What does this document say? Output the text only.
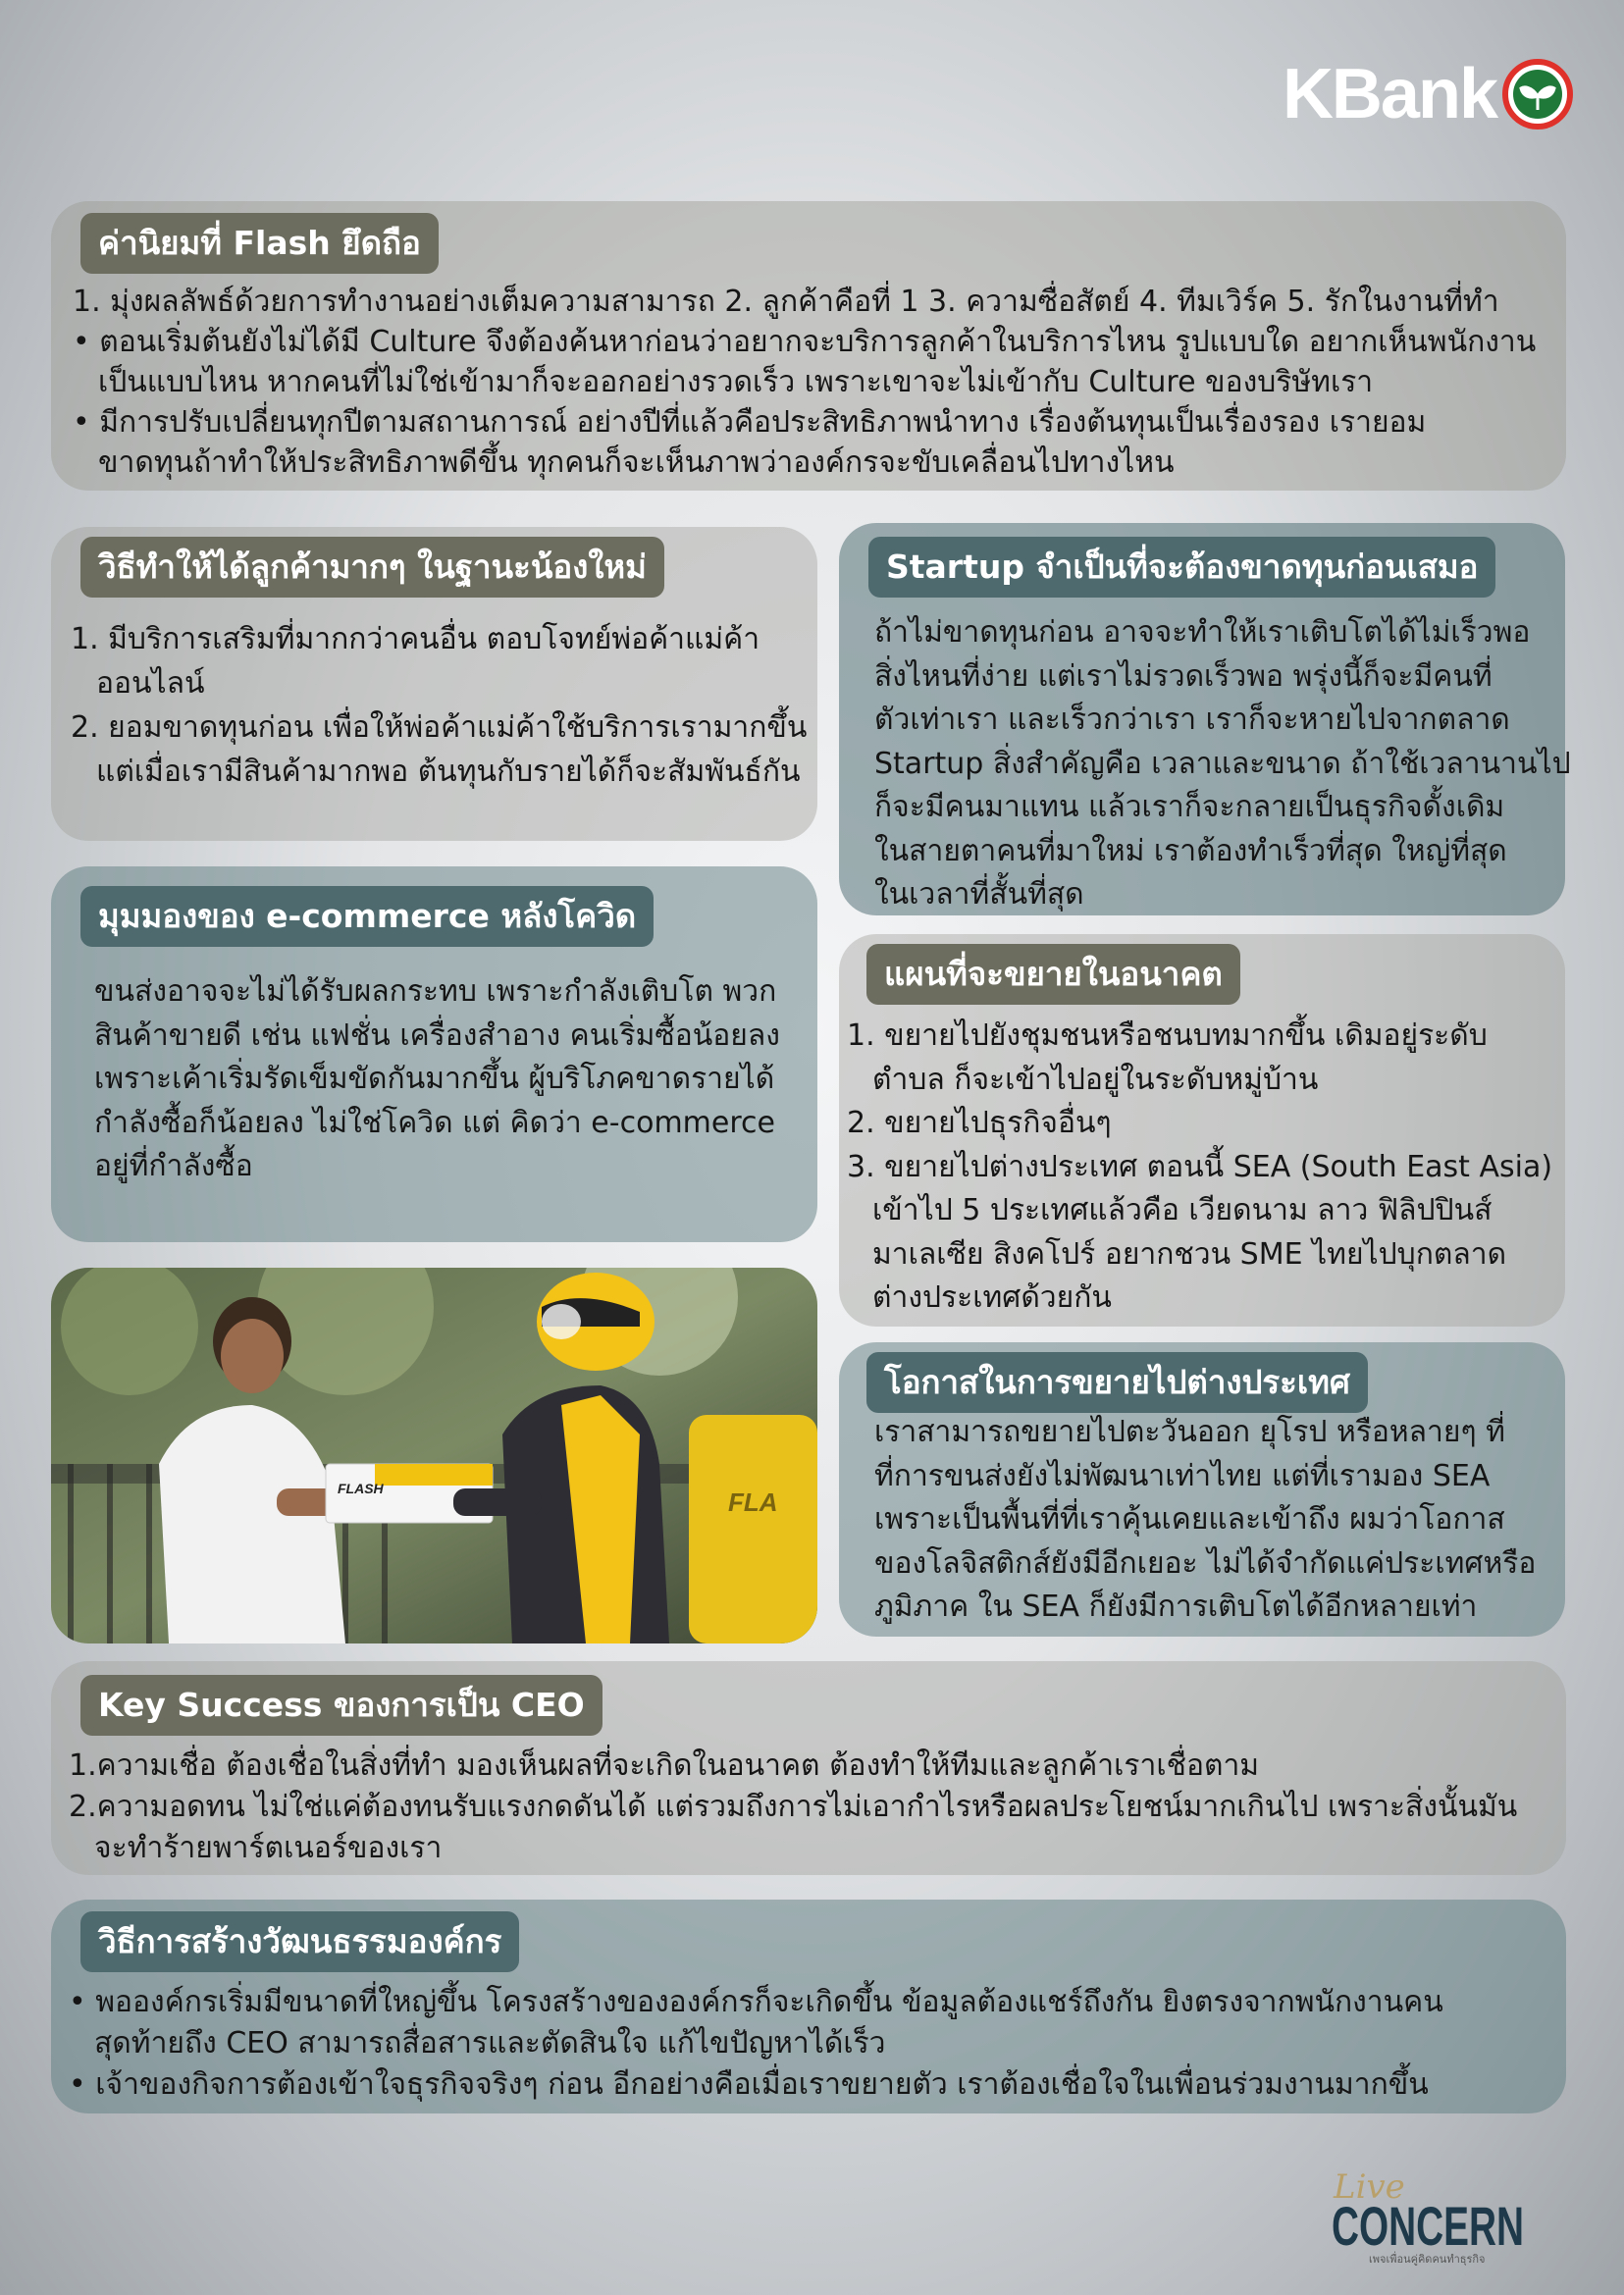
KBank
ค่านิยมที่ Flash ยึดถือ
1. มุ่งผลลัพธ์ด้วยการทำงานอย่างเต็มความสามารถ 2. ลูกค้าคือที่ 1 3. ความซื่อสัตย์ 4. ทีมเวิร์ค 5. รักในงานที่ทำ
• ตอนเริ่มต้นยังไม่ได้มี Culture จึงต้องค้นหาก่อนว่าอยากจะบริการลูกค้าในบริการไหน รูปแบบใด อยากเห็นพนักงาน
เป็นแบบไหน หากคนที่ไม่ใช่เข้ามาก็จะออกอย่างรวดเร็ว เพราะเขาจะไม่เข้ากับ Culture ของบริษัทเรา
• มีการปรับเปลี่ยนทุกปีตามสถานการณ์ อย่างปีที่แล้วคือประสิทธิภาพนำทาง เรื่องต้นทุนเป็นเรื่องรอง เรายอม
ขาดทุนถ้าทำให้ประสิทธิภาพดีขึ้น ทุกคนก็จะเห็นภาพว่าองค์กรจะขับเคลื่อนไปทางไหน
วิธีทำให้ได้ลูกค้ามากๆ ในฐานะน้องใหม่
1. มีบริการเสริมที่มากกว่าคนอื่น ตอบโจทย์พ่อค้าแม่ค้า
ออนไลน์
2. ยอมขาดทุนก่อน เพื่อให้พ่อค้าแม่ค้าใช้บริการเรามากขึ้น
แต่เมื่อเรามีสินค้ามากพอ ต้นทุนกับรายได้ก็จะสัมพันธ์กัน
Startup จำเป็นที่จะต้องขาดทุนก่อนเสมอ
ถ้าไม่ขาดทุนก่อน อาจจะทำให้เราเติบโตได้ไม่เร็วพอ
สิ่งไหนที่ง่าย แต่เราไม่รวดเร็วพอ พรุ่งนี้ก็จะมีคนที่
ตัวเท่าเรา และเร็วกว่าเรา เราก็จะหายไปจากตลาด
Startup สิ่งสำคัญคือ เวลาและขนาด ถ้าใช้เวลานานไป
ก็จะมีคนมาแทน แล้วเราก็จะกลายเป็นธุรกิจดั้งเดิม
ในสายตาคนที่มาใหม่ เราต้องทำเร็วที่สุด ใหญ่ที่สุด
ในเวลาที่สั้นที่สุด
มุมมองของ e-commerce หลังโควิด
ขนส่งอาจจะไม่ได้รับผลกระทบ เพราะกำลังเติบโต พวก
สินค้าขายดี เช่น แฟชั่น เครื่องสำอาง คนเริ่มซื้อน้อยลง
เพราะเค้าเริ่มรัดเข็มขัดกันมากขึ้น ผู้บริโภคขาดรายได้
กำลังซื้อก็น้อยลง ไม่ใช่โควิด แต่ คิดว่า e-commerce
อยู่ที่กำลังซื้อ
แผนที่จะขยายในอนาคต
1. ขยายไปยังชุมชนหรือชนบทมากขึ้น เดิมอยู่ระดับ
ตำบล ก็จะเข้าไปอยู่ในระดับหมู่บ้าน
2. ขยายไปธุรกิจอื่นๆ
3. ขยายไปต่างประเทศ ตอนนี้ SEA (South East Asia)
เข้าไป 5 ประเทศแล้วคือ เวียดนาม ลาว ฟิลิปปินส์
มาเลเซีย สิงคโปร์ อยากชวน SME ไทยไปบุกตลาด
ต่างประเทศด้วยกัน
FLA
FLASH
โอกาสในการขยายไปต่างประเทศ
เราสามารถขยายไปตะวันออก ยุโรป หรือหลายๆ ที่
ที่การขนส่งยังไม่พัฒนาเท่าไทย แต่ที่เรามอง SEA
เพราะเป็นพื้นที่ที่เราคุ้นเคยและเข้าถึง ผมว่าโอกาส
ของโลจิสติกส์ยังมีอีกเยอะ ไม่ได้จำกัดแค่ประเทศหรือ
ภูมิภาค ใน SEA ก็ยังมีการเติบโตได้อีกหลายเท่า
Key Success ของการเป็น CEO
1.ความเชื่อ ต้องเชื่อในสิ่งที่ทำ มองเห็นผลที่จะเกิดในอนาคต ต้องทำให้ทีมและลูกค้าเราเชื่อตาม
2.ความอดทน ไม่ใช่แค่ต้องทนรับแรงกดดันได้ แต่รวมถึงการไม่เอากำไรหรือผลประโยชน์มากเกินไป เพราะสิ่งนั้นมัน
จะทำร้ายพาร์ตเนอร์ของเรา
วิธีการสร้างวัฒนธรรมองค์กร
• พอองค์กรเริ่มมีขนาดที่ใหญ่ขึ้น โครงสร้างขององค์กรก็จะเกิดขึ้น ข้อมูลต้องแชร์ถึงกัน ยิงตรงจากพนักงานคน
สุดท้ายถึง CEO สามารถสื่อสารและตัดสินใจ แก้ไขปัญหาได้เร็ว
• เจ้าของกิจการต้องเข้าใจธุรกิจจริงๆ ก่อน อีกอย่างคือเมื่อเราขยายตัว เราต้องเชื่อใจในเพื่อนร่วมงานมากขึ้น
Live
CONCERN
เพจเพื่อนคู่คิดคนทำธุรกิจ
